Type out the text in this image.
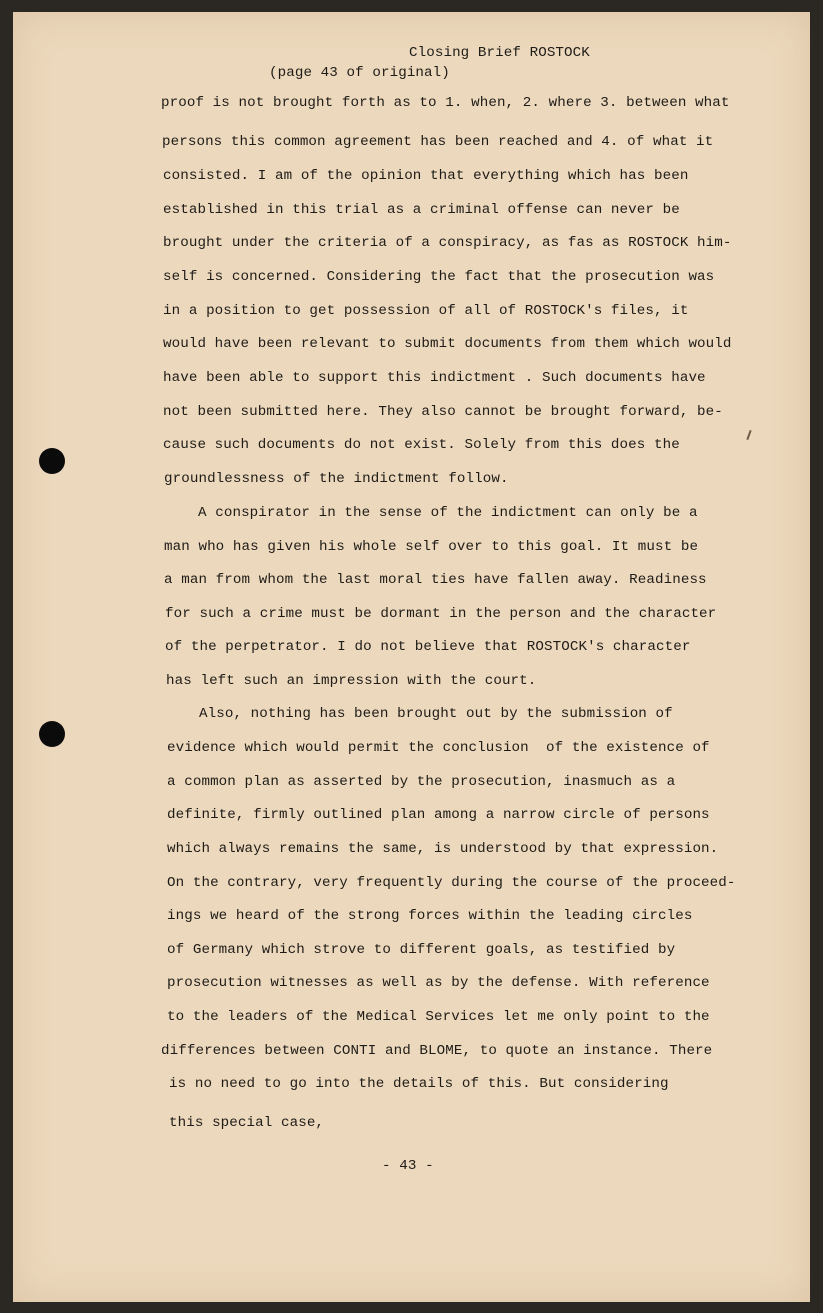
Closing Brief ROSTOCK
(page 43 of original)
proof is not brought forth as to 1. when, 2. where 3. between what
persons this common agreement has been reached and 4. of what it
consisted. I am of the opinion that everything which has been
established in this trial as a criminal offense can never be
brought under the criteria of a conspiracy, as fas as ROSTOCK him-
self is concerned. Considering the fact that the prosecution was
in a position to get possession of all of ROSTOCK's files, it
would have been relevant to submit documents from them which would
have been able to support this indictment . Such documents have
not been submitted here. They also cannot be brought forward, be-
cause such documents do not exist. Solely from this does the
groundlessness of the indictment follow.
A conspirator in the sense of the indictment can only be a
man who has given his whole self over to this goal. It must be
a man from whom the last moral ties have fallen away. Readiness
for such a crime must be dormant in the person and the character
of the perpetrator. I do not believe that ROSTOCK's character
has left such an impression with the court.
Also, nothing has been brought out by the submission of
evidence which would permit the conclusion  of the existence of
a common plan as asserted by the prosecution, inasmuch as a
definite, firmly outlined plan among a narrow circle of persons
which always remains the same, is understood by that expression.
On the contrary, very frequently during the course of the proceed-
ings we heard of the strong forces within the leading circles
of Germany which strove to different goals, as testified by
prosecution witnesses as well as by the defense. With reference
to the leaders of the Medical Services let me only point to the
differences between CONTI and BLOME, to quote an instance. There
is no need to go into the details of this. But considering
this special case,
- 43 -
